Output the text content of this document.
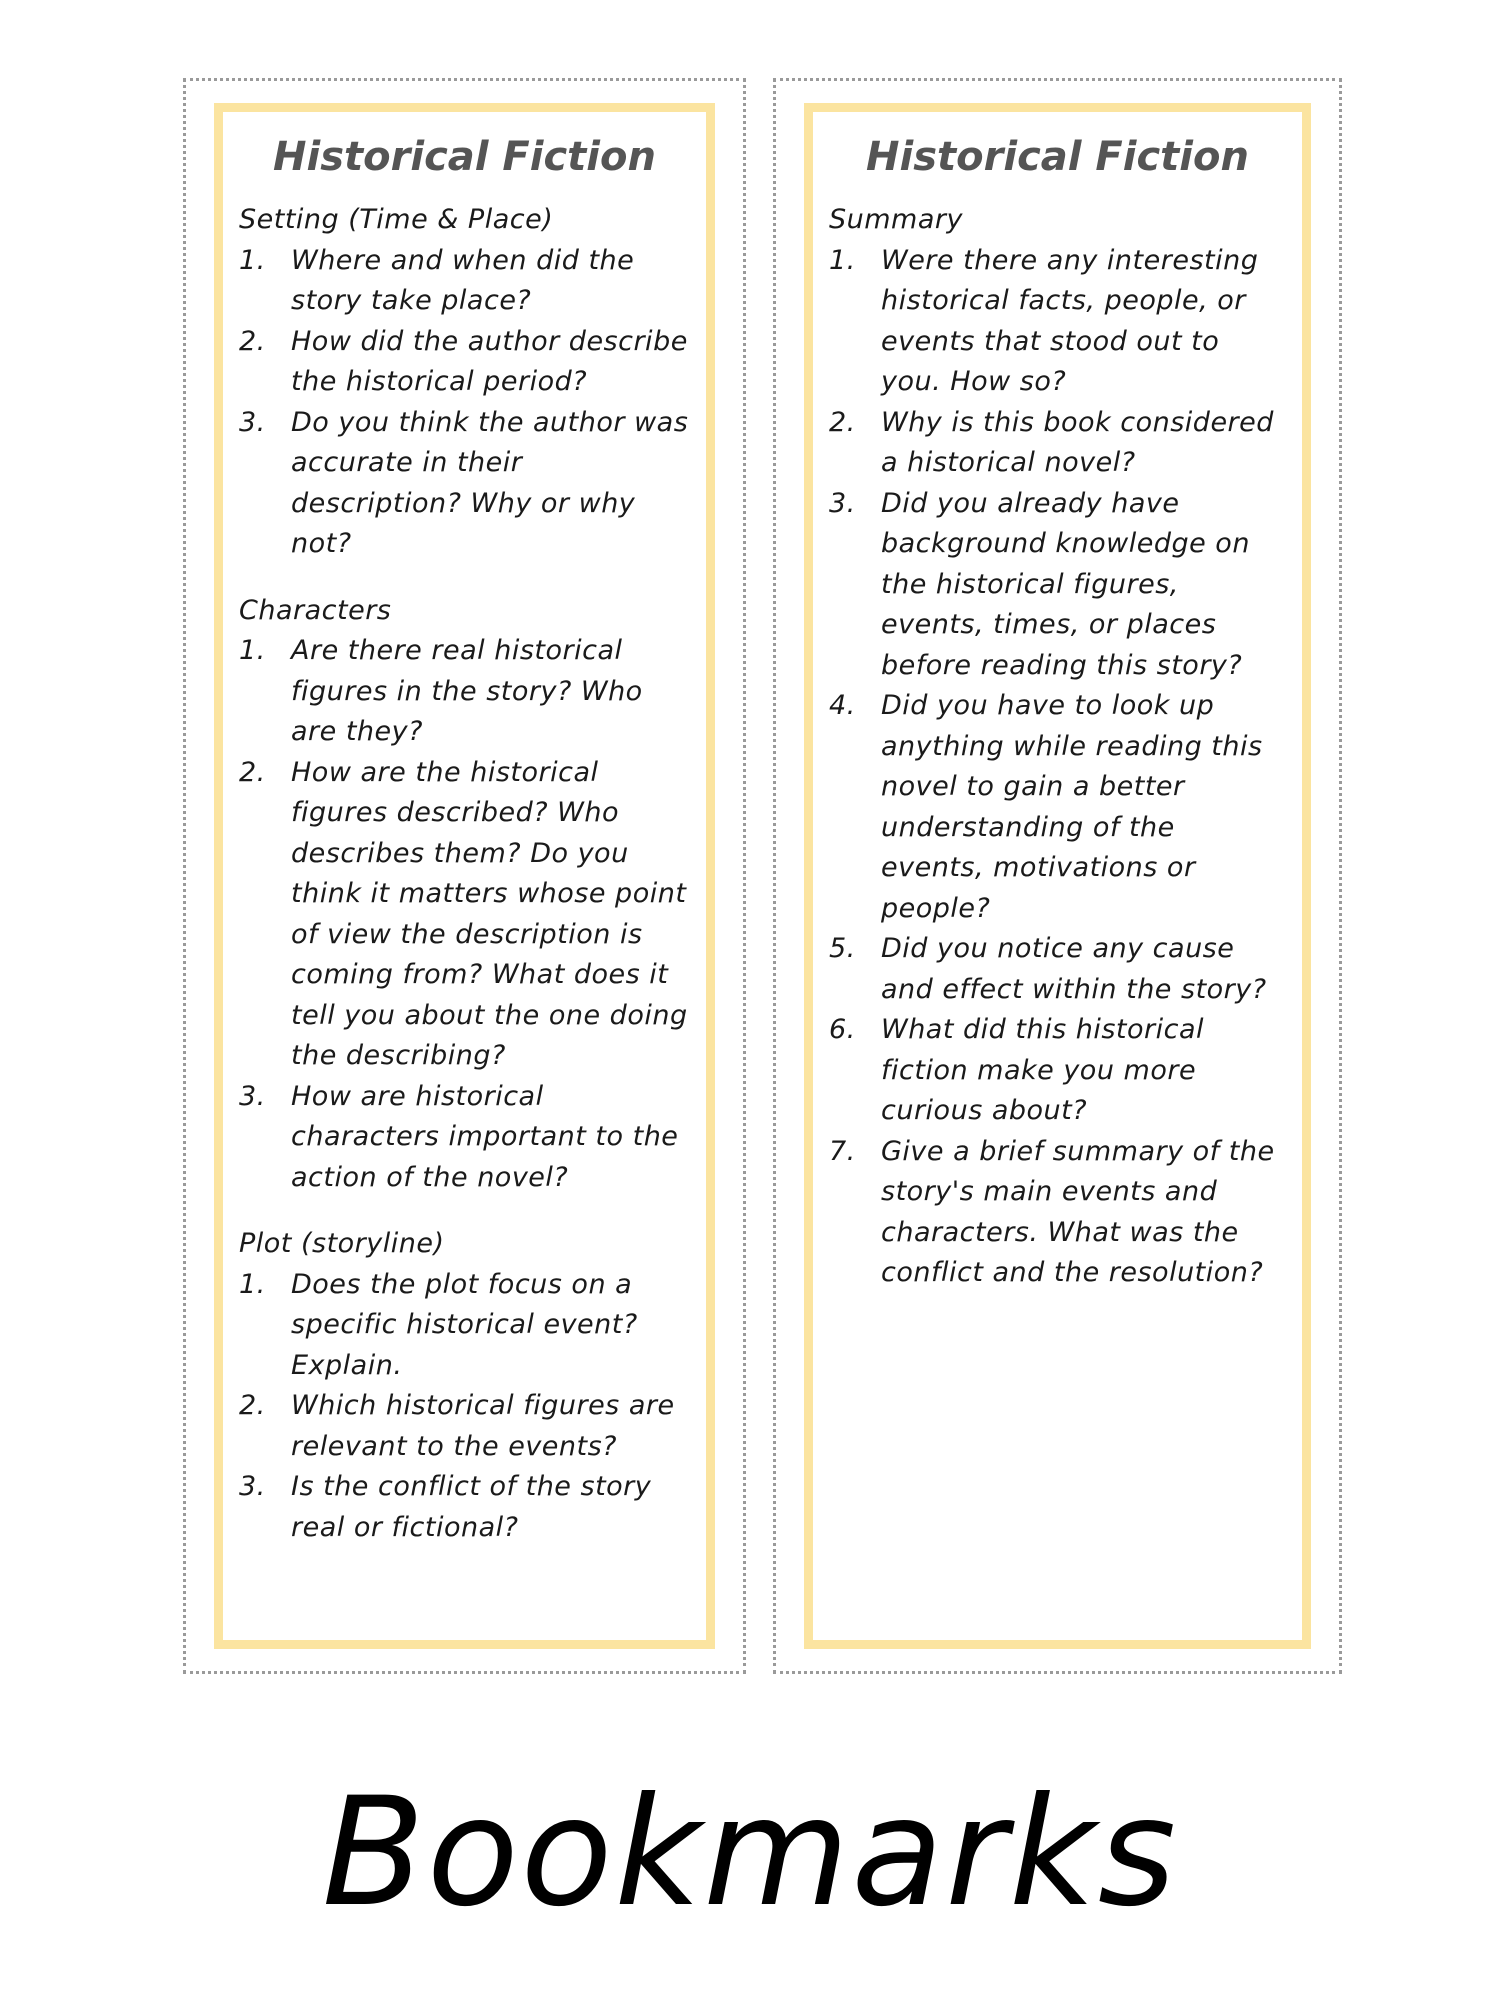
Historical Fiction
Setting (Time & Place)
1. Where and when did the story take place?
2. How did the author describe the historical period?
3. Do you think the author was accurate in their description? Why or why not?
Characters
1. Are there real historical figures in the story? Who are they?
2. How are the historical figures described? Who describes them? Do you think it matters whose point of view the description is coming from? What does it tell you about the one doing the describing?
3. How are historical characters important to the action of the novel?
Plot (storyline)
1. Does the plot focus on a specific historical event? Explain.
2. Which historical figures are relevant to the events?
3. Is the conflict of the story real or fictional?
Historical Fiction
Summary
1. Were there any interesting historical facts, people, or events that stood out to you. How so?
2. Why is this book considered a historical novel?
3. Did you already have background knowledge on the historical figures, events, times, or places before reading this story?
4. Did you have to look up anything while reading this novel to gain a better understanding of the events, motivations or people?
5. Did you notice any cause and effect within the story?
6. What did this historical fiction make you more curious about?
7. Give a brief summary of the story's main events and characters. What was the conflict and the resolution?
Bookmarks
